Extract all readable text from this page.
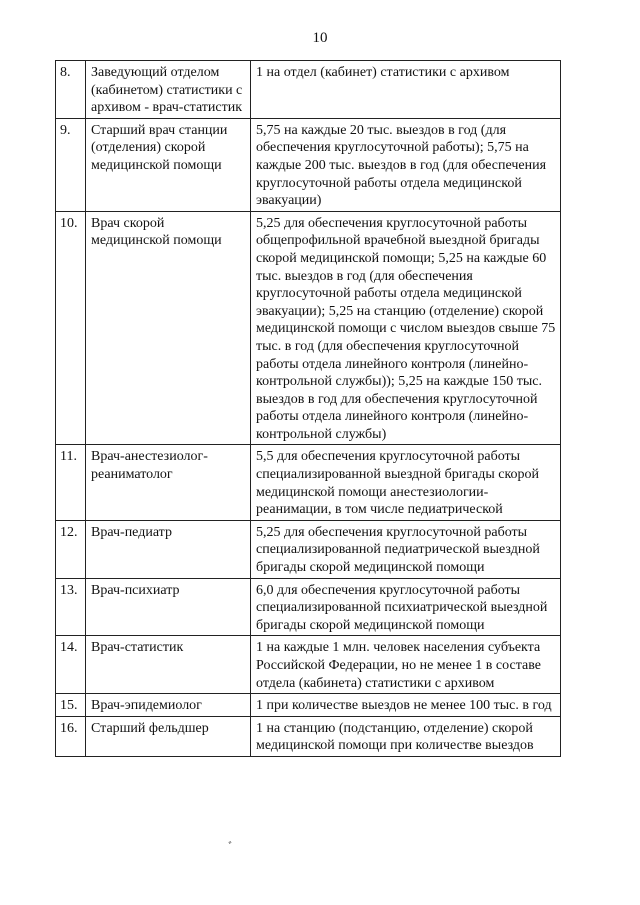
10
8.	Заведующий отделом (кабинетом) статистики с архивом - врач-статистик	1 на отдел (кабинет) статистики с архивом
9.	Старший врач станции (отделения) скорой медицинской помощи	5,75 на каждые 20 тыс. выездов в год (для обеспечения круглосуточной работы); 5,75 на каждые 200 тыс. выездов в год (для обеспечения круглосуточной работы отдела медицинской эвакуации)
10.	Врач скорой медицинской помощи	5,25 для обеспечения круглосуточной работы общепрофильной врачебной выездной бригады скорой медицинской помощи; 5,25 на каждые 60 тыс. выездов в год (для обеспечения круглосуточной работы отдела медицинской эвакуации); 5,25 на станцию (отделение) скорой медицинской помощи с числом выездов свыше 75 тыс. в год (для обеспечения круглосуточной работы отдела линейного контроля (линейно-контрольной службы)); 5,25 на каждые 150 тыс. выездов в год для обеспечения круглосуточной работы отдела линейного контроля (линейно-контрольной службы)
11.	Врач-анестезиолог-реаниматолог	5,5 для обеспечения круглосуточной работы специализированной выездной бригады скорой медицинской помощи анестезиологии-реанимации, в том числе педиатрической
12.	Врач-педиатр	5,25 для обеспечения круглосуточной работы специализированной педиатрической выездной бригады скорой медицинской помощи
13.	Врач-психиатр	6,0 для обеспечения круглосуточной работы специализированной психиатрической выездной бригады скорой медицинской помощи
14.	Врач-статистик	1 на каждые 1 млн. человек населения субъекта Российской Федерации, но не менее 1 в составе отдела (кабинета) статистики с архивом
15.	Врач-эпидемиолог	1 при количестве выездов не менее 100 тыс. в год
16.	Старший фельдшер	1 на станцию (подстанцию, отделение) скорой медицинской помощи при количестве выездов
ﾞ
